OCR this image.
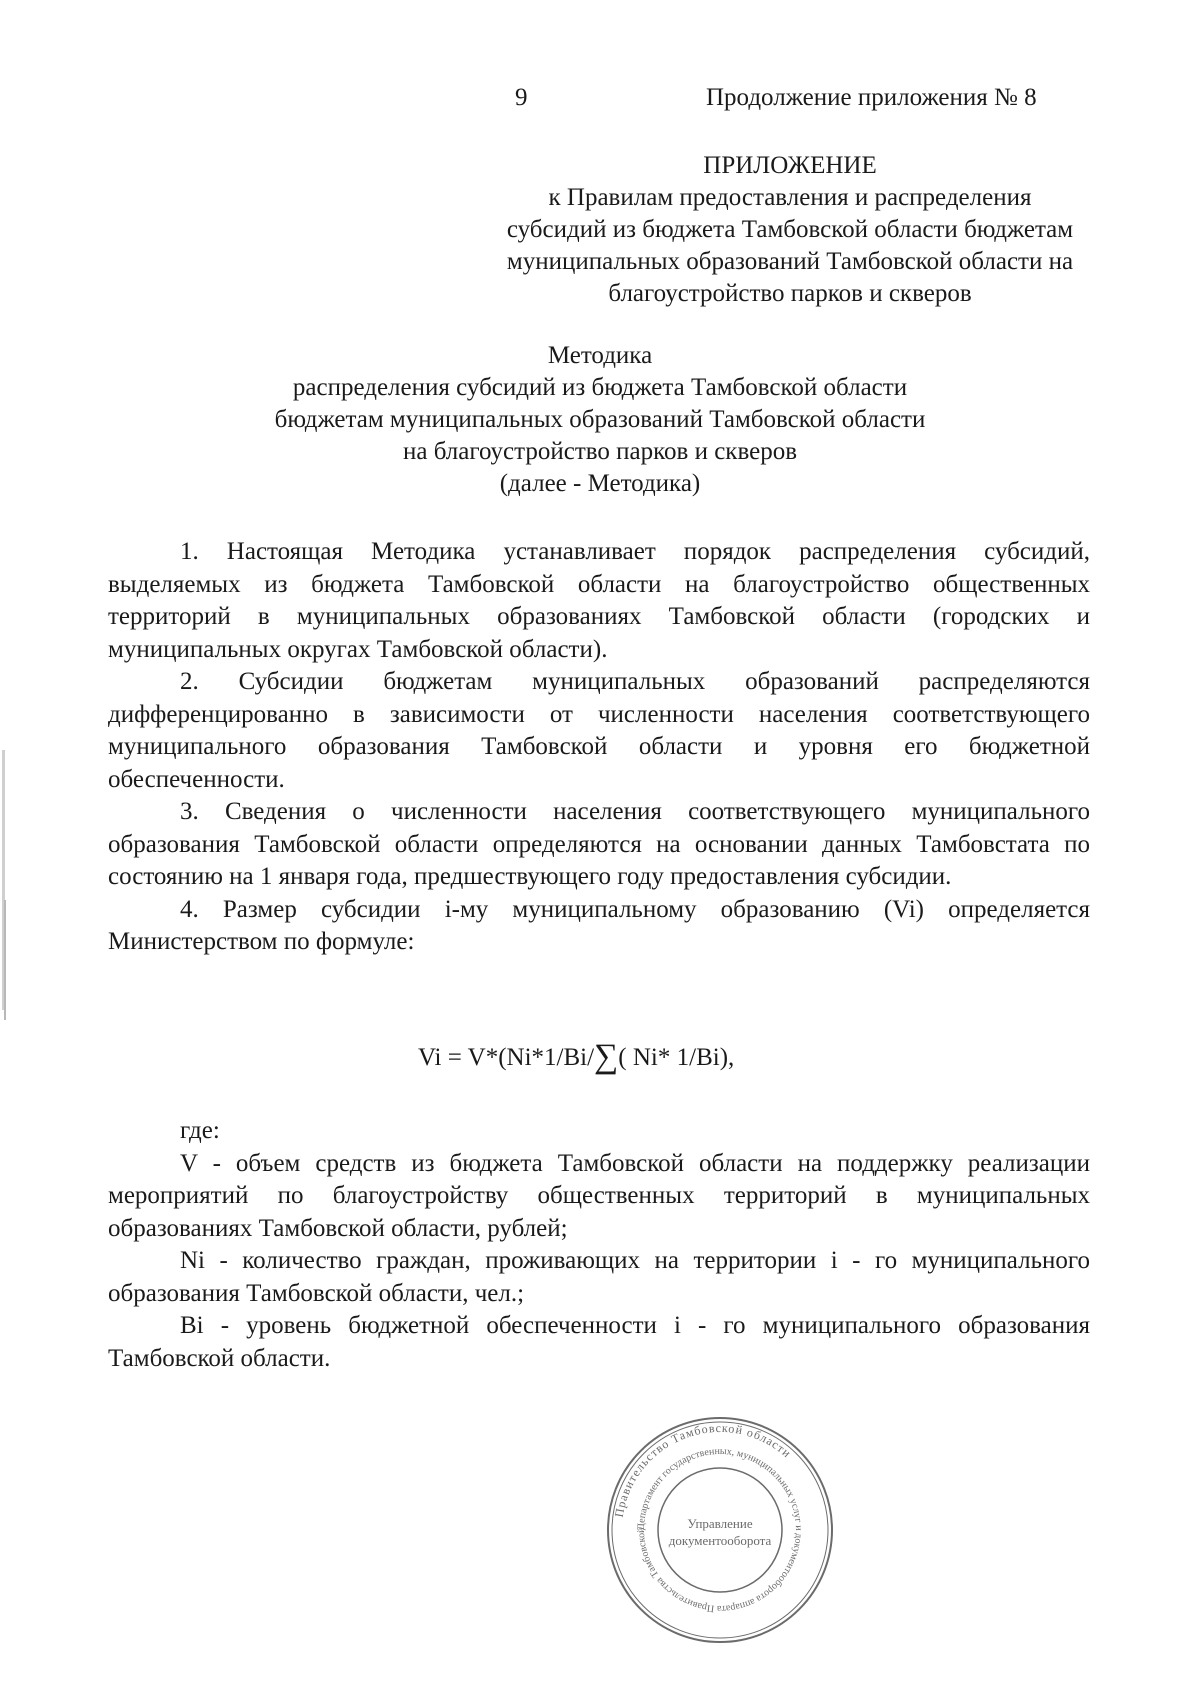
9	Продолжение приложения № 8
ПРИЛОЖЕНИЕ
к Правилам предоставления и распределения
субсидий из бюджета Тамбовской области бюджетам
муниципальных образований Тамбовской области на
благоустройство парков и скверов
Методика
распределения субсидий из бюджета Тамбовской области
бюджетам муниципальных образований Тамбовской области
на благоустройство парков и скверов
(далее - Методика)

1. Настоящая Методика устанавливает порядок распределения субсидий, выделяемых из бюджета Тамбовской области на благоустройство общественных территорий в муниципальных образованиях Тамбовской области (городских и муниципальных округах Тамбовской области).

2. Субсидии бюджетам муниципальных образований распределяются дифференцированно в зависимости от численности населения соответствующего муниципального образования Тамбовской области и уровня его бюджетной обеспеченности.

3. Сведения о численности населения соответствующего муниципального образования Тамбовской области определяются на основании данных Тамбовстата по состоянию на 1 января года, предшествующего году предоставления субсидии.

4. Размер субсидии i-му муниципальному образованию (Vi) определяется Министерством по формуле:

Vi = V*(Ni*1/Bi/∑( Ni* 1/Bi),
где:

V - объем средств из бюджета Тамбовской области на поддержку реализации мероприятий по благоустройству общественных территорий в муниципальных образованиях Тамбовской области, рублей;

Ni - количество граждан, проживающих на территории i - го муниципального образования Тамбовской области, чел.;

Bi - уровень бюджетной обеспеченности i - го муниципального образования Тамбовской области.

Правительство Тамбовской области
Департамент государственных, муниципальных услуг и документооборота аппарата Правительства Тамбовской	Управление
документооборота
